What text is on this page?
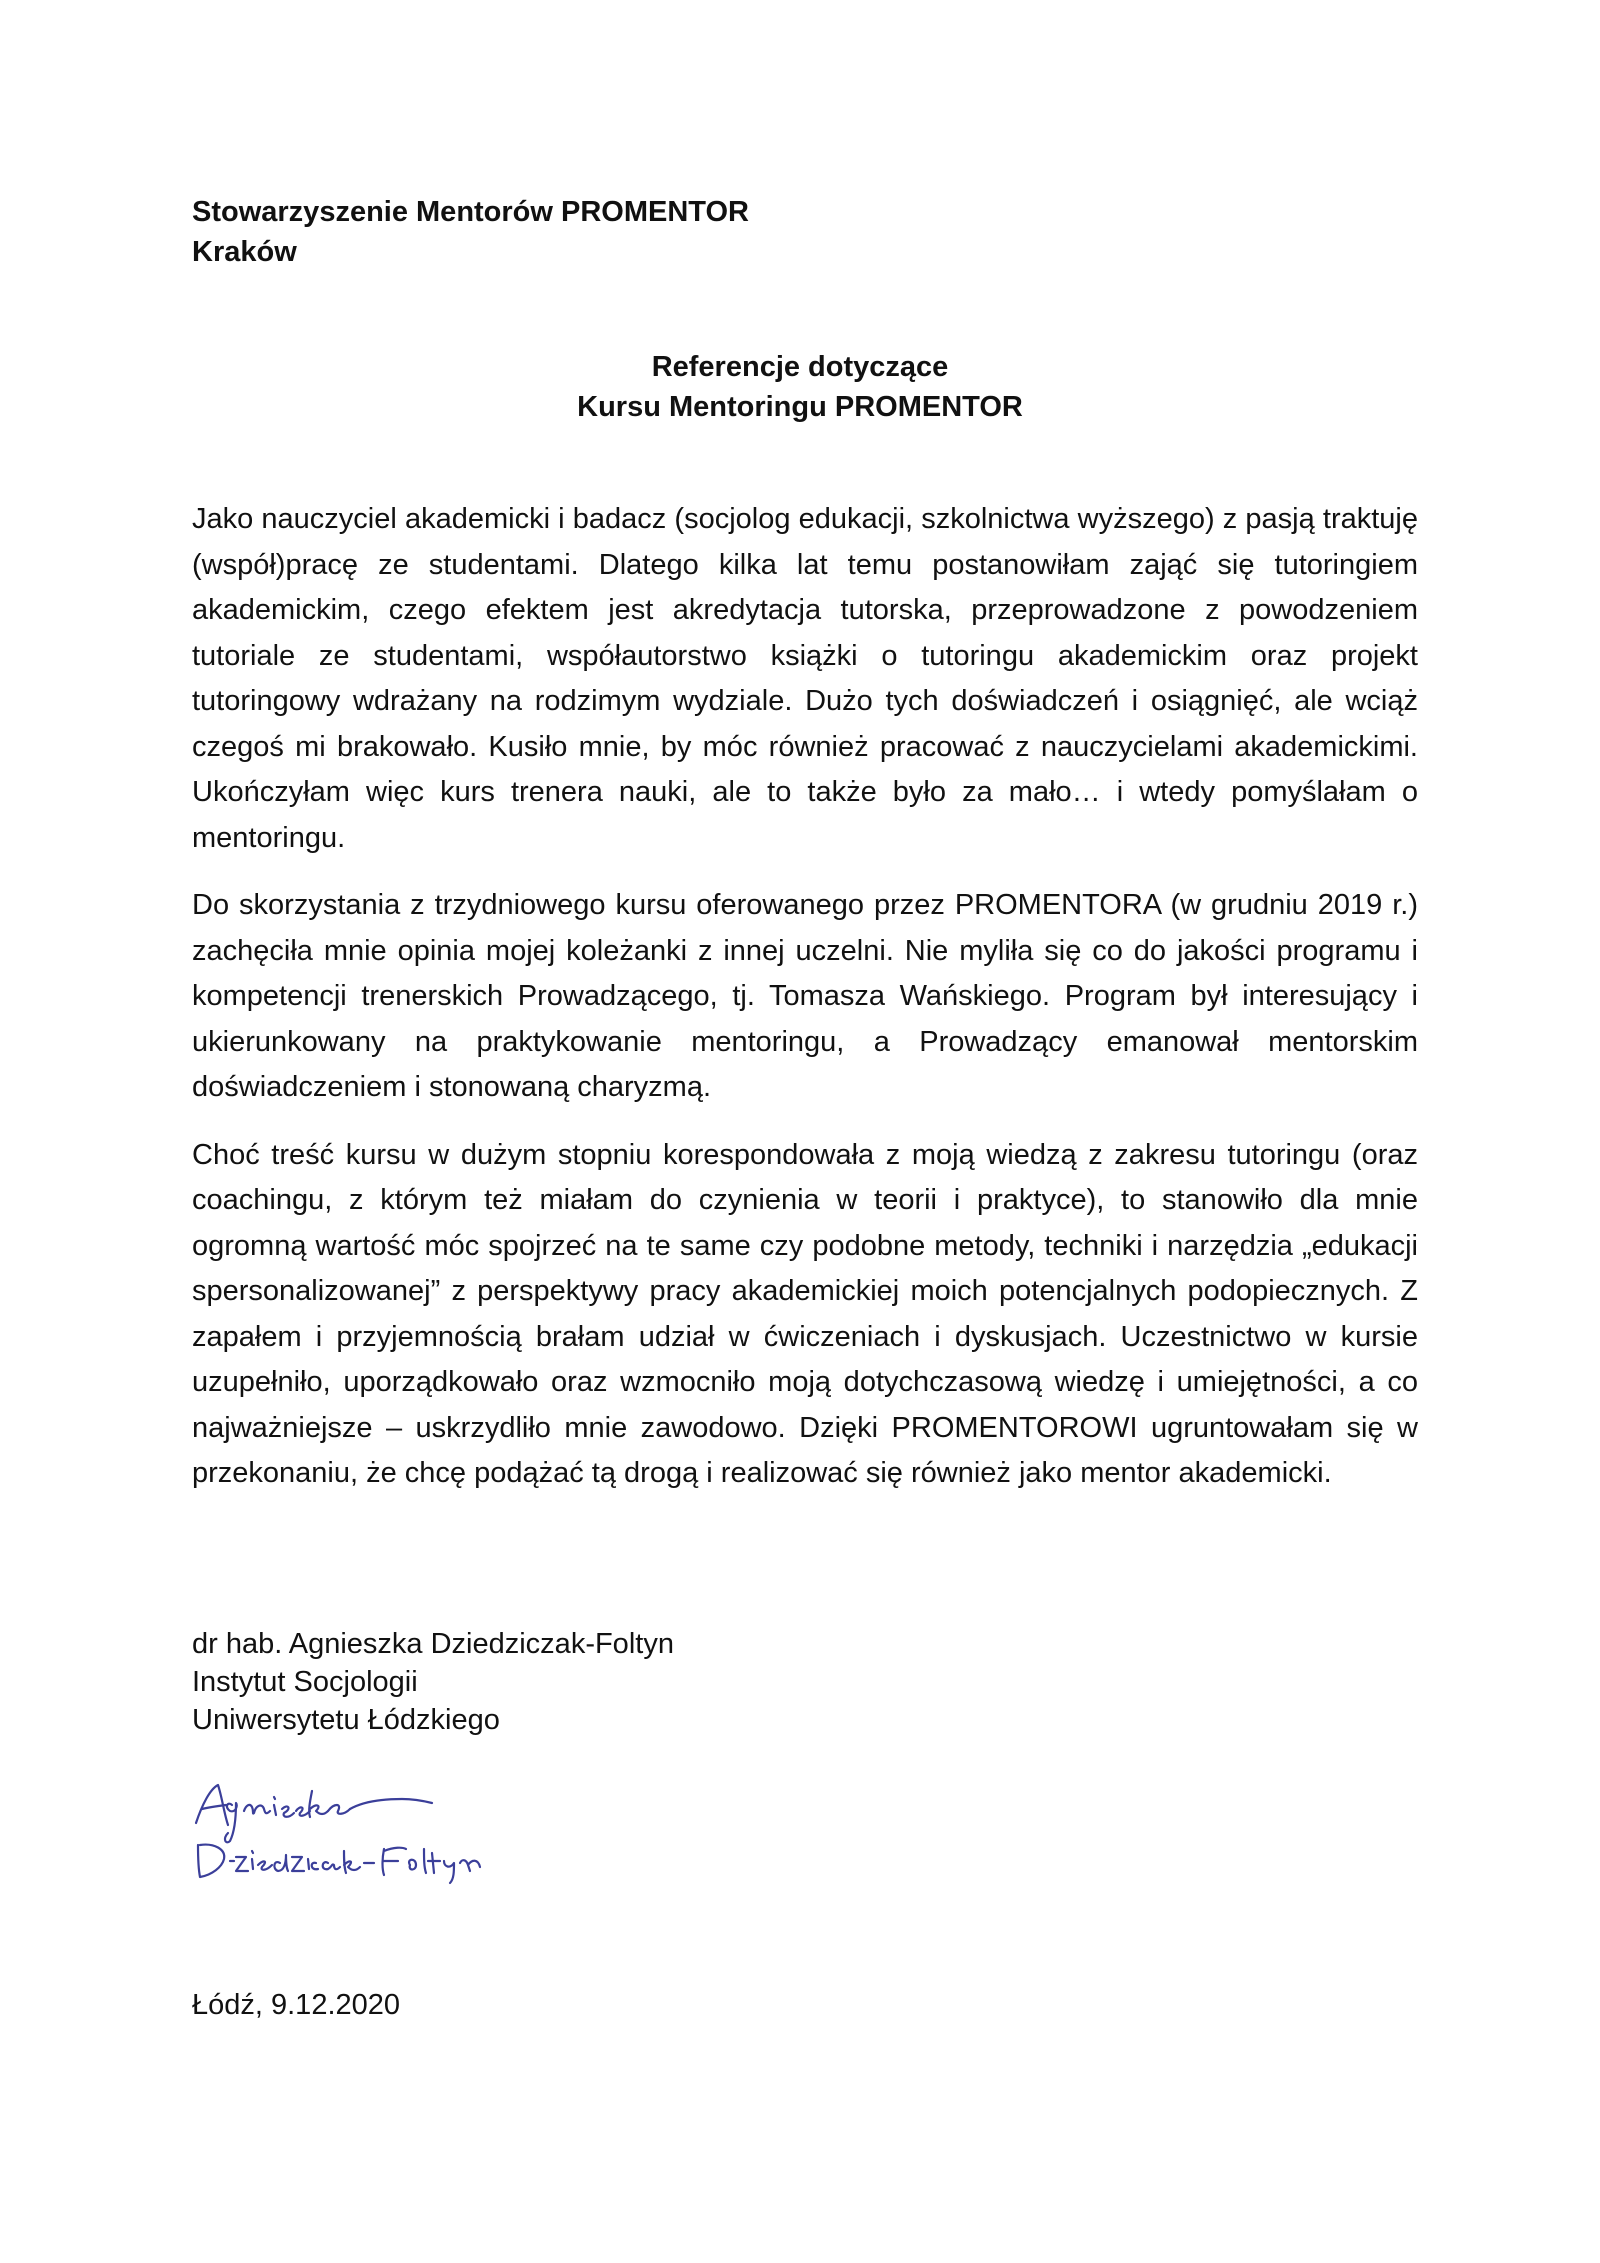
Stowarzyszenie Mentorów PROMENTOR
Kraków
Referencje dotyczące
Kursu Mentoringu PROMENTOR

Jako nauczyciel akademicki i badacz (socjolog edukacji, szkolnictwa wyższego) z pasją traktuję (współ)pracę ze studentami. Dlatego kilka lat temu postanowiłam zająć się tutoringiem akademickim, czego efektem jest akredytacja tutorska, przeprowadzone z powodzeniem tutoriale ze studentami, współautorstwo książki o tutoringu akademickim oraz projekt tutoringowy wdrażany na rodzimym wydziale. Dużo tych doświadczeń i osiągnięć, ale wciąż czegoś mi brakowało. Kusiło mnie, by móc również pracować z nauczycielami akademickimi. Ukończyłam więc kurs trenera nauki, ale to także było za mało… i wtedy pomyślałam o mentoringu.

Do skorzystania z trzydniowego kursu oferowanego przez PROMENTORA (w grudniu 2019 r.) zachęciła mnie opinia mojej koleżanki z innej uczelni. Nie myliła się co do jakości programu i kompetencji trenerskich Prowadzącego, tj. Tomasza Wańskiego. Program był interesujący i ukierunkowany na praktykowanie mentoringu, a Prowadzący emanował mentorskim doświadczeniem i stonowaną charyzmą.

Choć treść kursu w dużym stopniu korespondowała z moją wiedzą z zakresu tutoringu (oraz coachingu, z którym też miałam do czynienia w teorii i praktyce), to stanowiło dla mnie ogromną wartość móc spojrzeć na te same czy podobne metody, techniki i narzędzia „edukacji spersonalizowanej” z perspektywy pracy akademickiej moich potencjalnych podopiecznych. Z zapałem i przyjemnością brałam udział w ćwiczeniach i dyskusjach. Uczestnictwo w kursie uzupełniło, uporządkowało oraz wzmocniło moją dotychczasową wiedzę i umiejętności, a co najważniejsze – uskrzydliło mnie zawodowo. Dzięki PROMENTOROWI ugruntowałam się w przekonaniu, że chcę podążać tą drogą i realizować się również jako mentor akademicki.

dr hab. Agnieszka Dziedziczak-Foltyn
Instytut Socjologii
Uniwersytetu Łódzkiego
Łódź, 9.12.2020
